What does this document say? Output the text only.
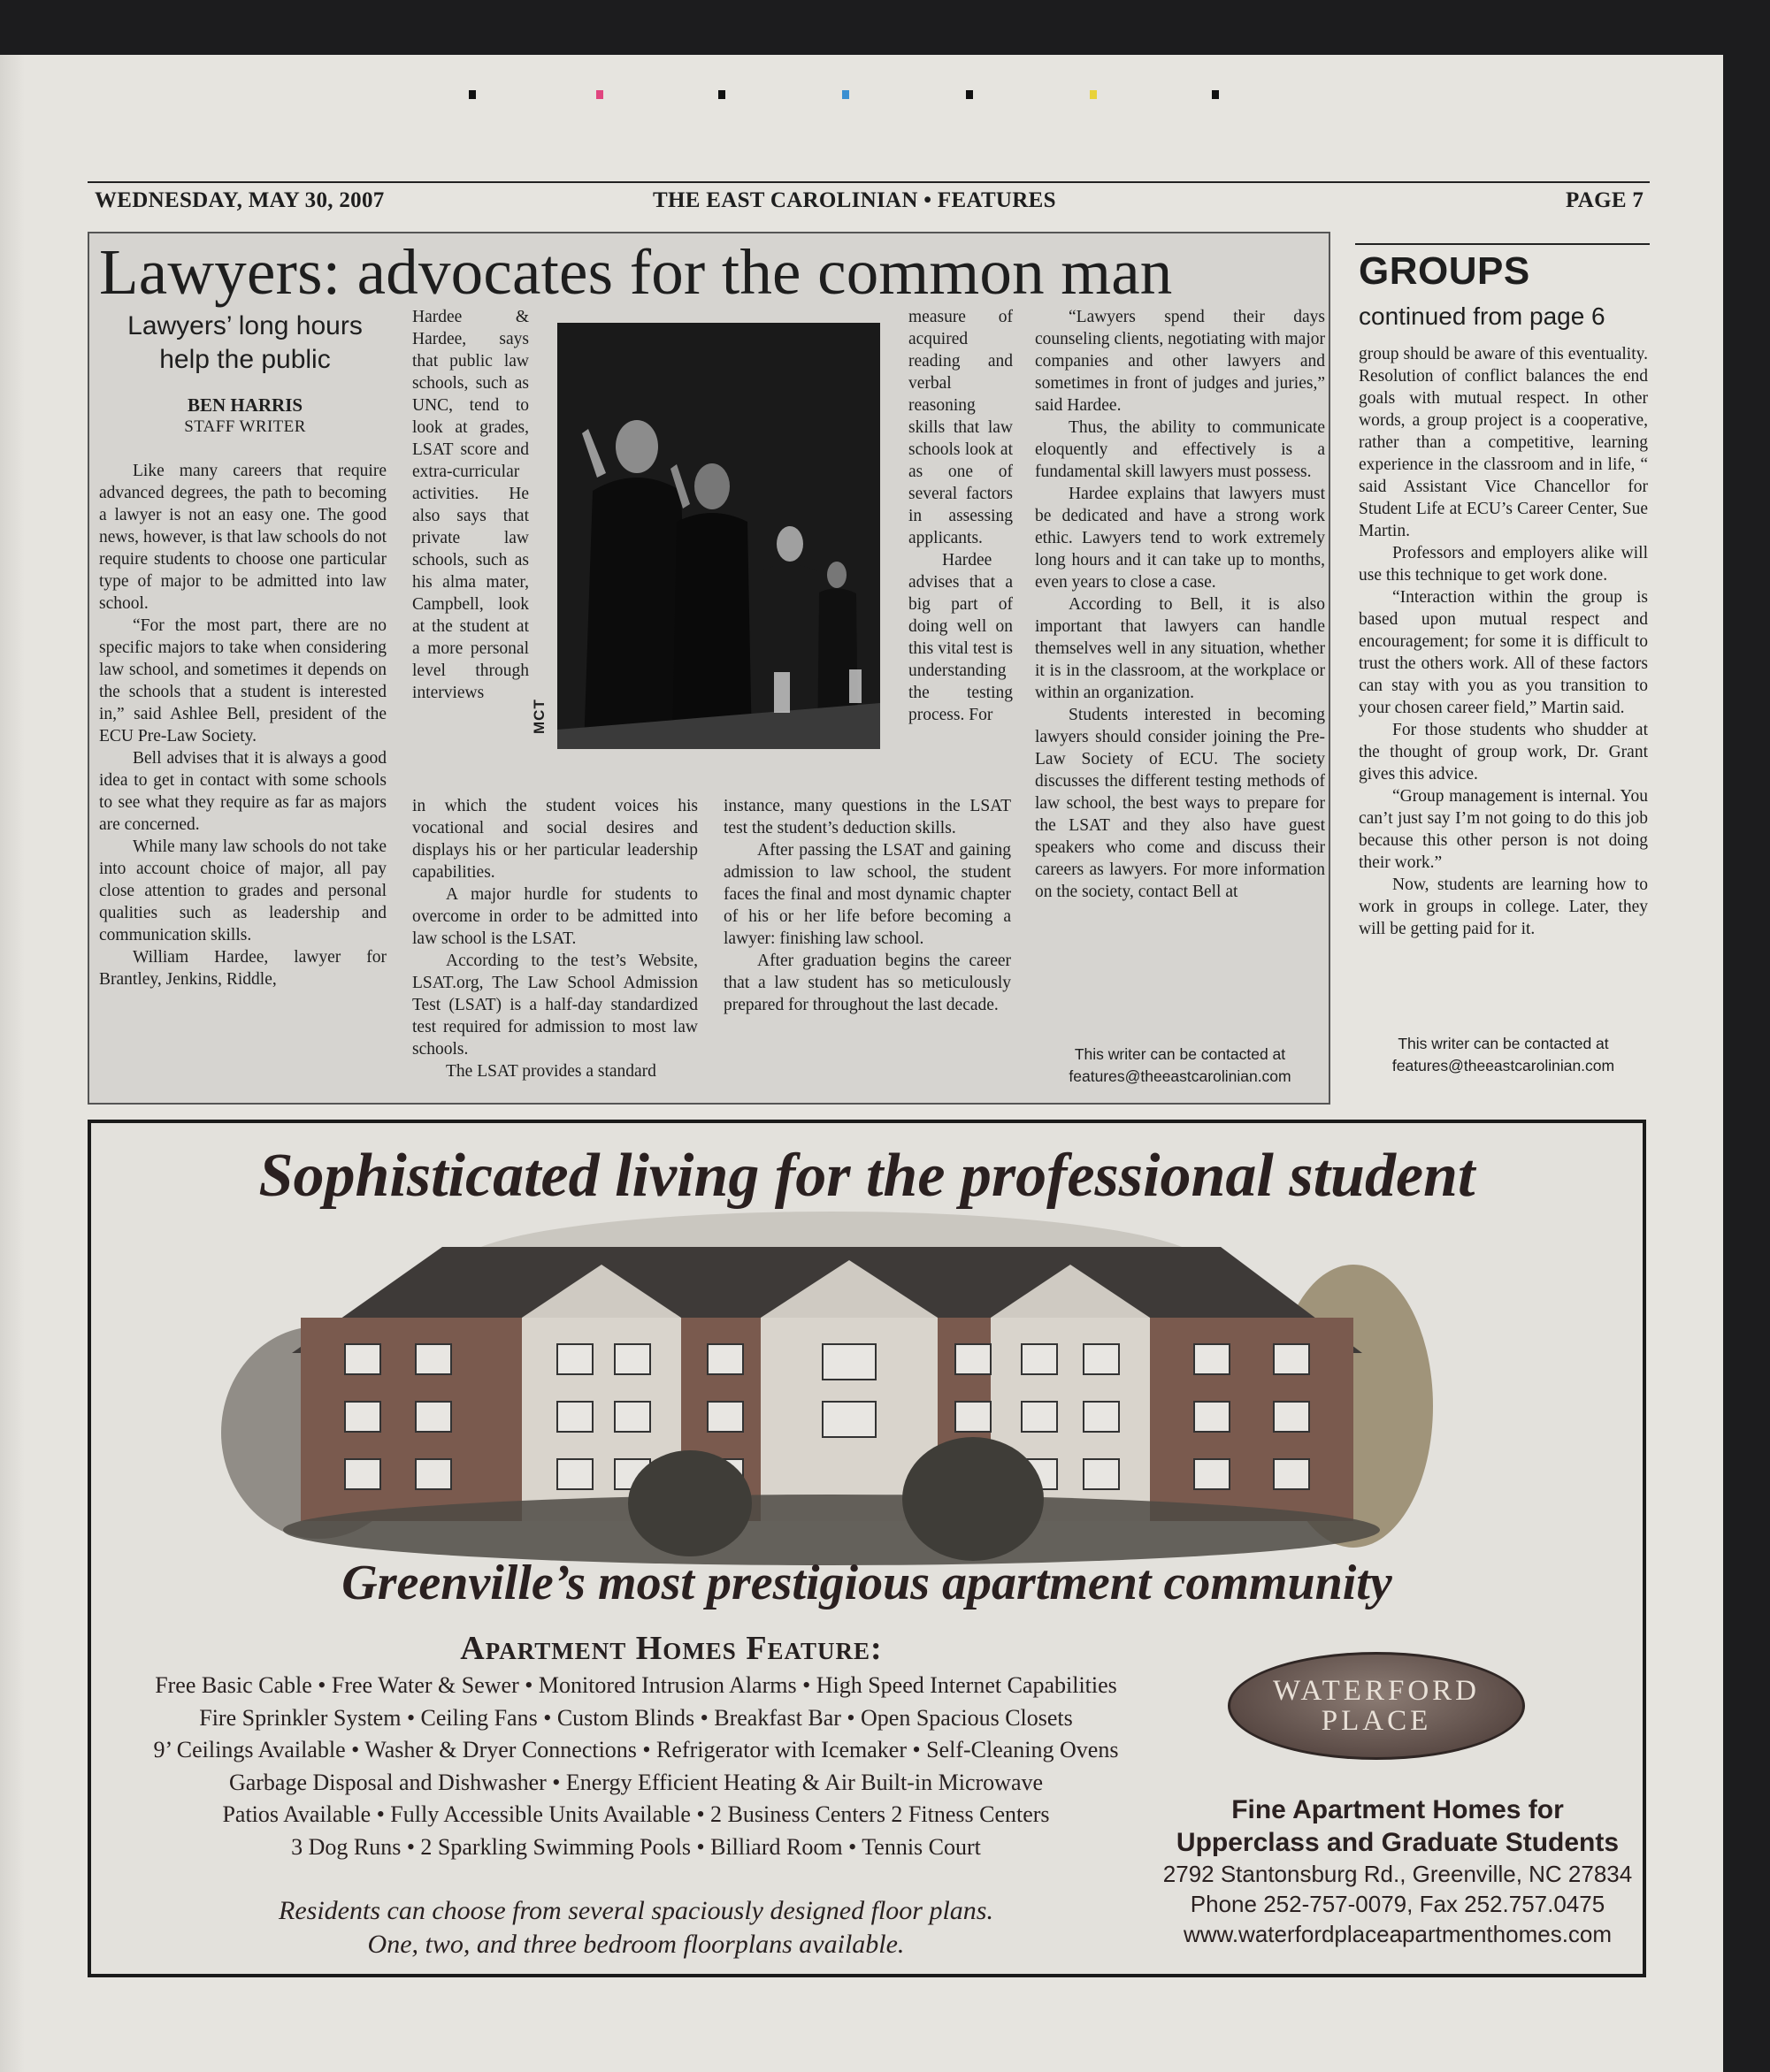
WEDNESDAY, MAY 30, 2007	THE EAST CAROLINIAN • FEATURES	PAGE 7
Lawyers: advocates for the common man
Lawyers’ long hours
help the public
BEN HARRIS
STAFF WRITER

Like many careers that require advanced degrees, the path to becoming a lawyer is not an easy one. The good news, however, is that law schools do not require students to choose one particular type of major to be admitted into law school.

“For the most part, there are no specific majors to take when considering law school, and sometimes it depends on the schools that a student is interested in,” said Ashlee Bell, president of the ECU Pre-Law Society.

Bell advises that it is always a good idea to get in contact with some schools to see what they require as far as majors are concerned.

While many law schools do not take into account choice of major, all pay close attention to grades and personal qualities such as leadership and communication skills.

William Hardee, lawyer for Brantley, Jenkins, Riddle,

Hardee & Hardee, says that public law schools, such as UNC, tend to look at grades, LSAT score and extra-curricular activities. He also says that private law schools, such as his alma mater, Campbell, look at the student at a more personal level through interviews

MCT

in which the student voices his vocational and social desires and displays his or her particular leadership capabilities.

A major hurdle for students to overcome in order to be admitted into law school is the LSAT.

According to the test’s Website, LSAT.org, The Law School Admission Test (LSAT) is a half-day standardized test required for admission to most law schools.

The LSAT provides a standard

measure of acquired reading and verbal reasoning skills that law schools look at as one of several factors in assessing applicants.

Hardee advises that a big part of doing well on this vital test is understanding the testing process. For

instance, many questions in the LSAT test the student’s deduction skills.

After passing the LSAT and gaining admission to law school, the student faces the final and most dynamic chapter of his or her life before becoming a lawyer: finishing law school.

After graduation begins the career that a law student has so meticulously prepared for throughout the last decade.

“Lawyers spend their days counseling clients, negotiating with major companies and other lawyers and sometimes in front of judges and juries,” said Hardee.

Thus, the ability to communicate eloquently and effectively is a fundamental skill lawyers must possess.

Hardee explains that lawyers must be dedicated and have a strong work ethic. Lawyers tend to work extremely long hours and it can take up to months, even years to close a case.

According to Bell, it is also important that lawyers can handle themselves well in any situation, whether it is in the classroom, at the workplace or within an organization.

Students interested in becoming lawyers should consider joining the Pre-Law Society of ECU. The society discusses the different testing methods of law school, the best ways to prepare for the LSAT and they also have guest speakers who come and discuss their careers as lawyers. For more information on the society, contact Bell at

This writer can be contacted at
features@theeastcarolinian.com
GROUPS
continued from page 6

group should be aware of this eventuality. Resolution of conflict balances the end goals with mutual respect. In other words, a group project is a cooperative, rather than a competitive, learning experience in the classroom and in life, “ said Assistant Vice Chancellor for Student Life at ECU’s Career Center, Sue Martin.

Professors and employers alike will use this technique to get work done.

“Interaction within the group is based upon mutual respect and encouragement; for some it is difficult to trust the others work. All of these factors can stay with you as you transition to your chosen career field,” Martin said.

For those students who shudder at the thought of group work, Dr. Grant gives this advice.

“Group management is internal. You can’t just say I’m not going to do this job because this other person is not doing their work.”

Now, students are learning how to work in groups in college. Later, they will be getting paid for it.

This writer can be contacted at
features@theeastcarolinian.com
Sophisticated living for the professional student
Greenville’s most prestigious apartment community
Apartment Homes Feature:
Free Basic Cable • Free Water & Sewer • Monitored Intrusion Alarms • High Speed Internet Capabilities
Fire Sprinkler System • Ceiling Fans • Custom Blinds • Breakfast Bar • Open Spacious Closets
9’ Ceilings Available • Washer & Dryer Connections • Refrigerator with Icemaker • Self-Cleaning Ovens
Garbage Disposal and Dishwasher • Energy Efficient Heating & Air Built-in Microwave
Patios Available • Fully Accessible Units Available • 2 Business Centers 2 Fitness Centers
3 Dog Runs • 2 Sparkling Swimming Pools • Billiard Room • Tennis Court
Residents can choose from several spaciously designed floor plans.
One, two, and three bedroom floorplans available.
WATERFORD
PLACE
Fine Apartment Homes for
Upperclass and Graduate Students
2792 Stantonsburg Rd., Greenville, NC 27834
Phone 252-757-0079, Fax 252.757.0475
www.waterfordplaceapartmenthomes.com
